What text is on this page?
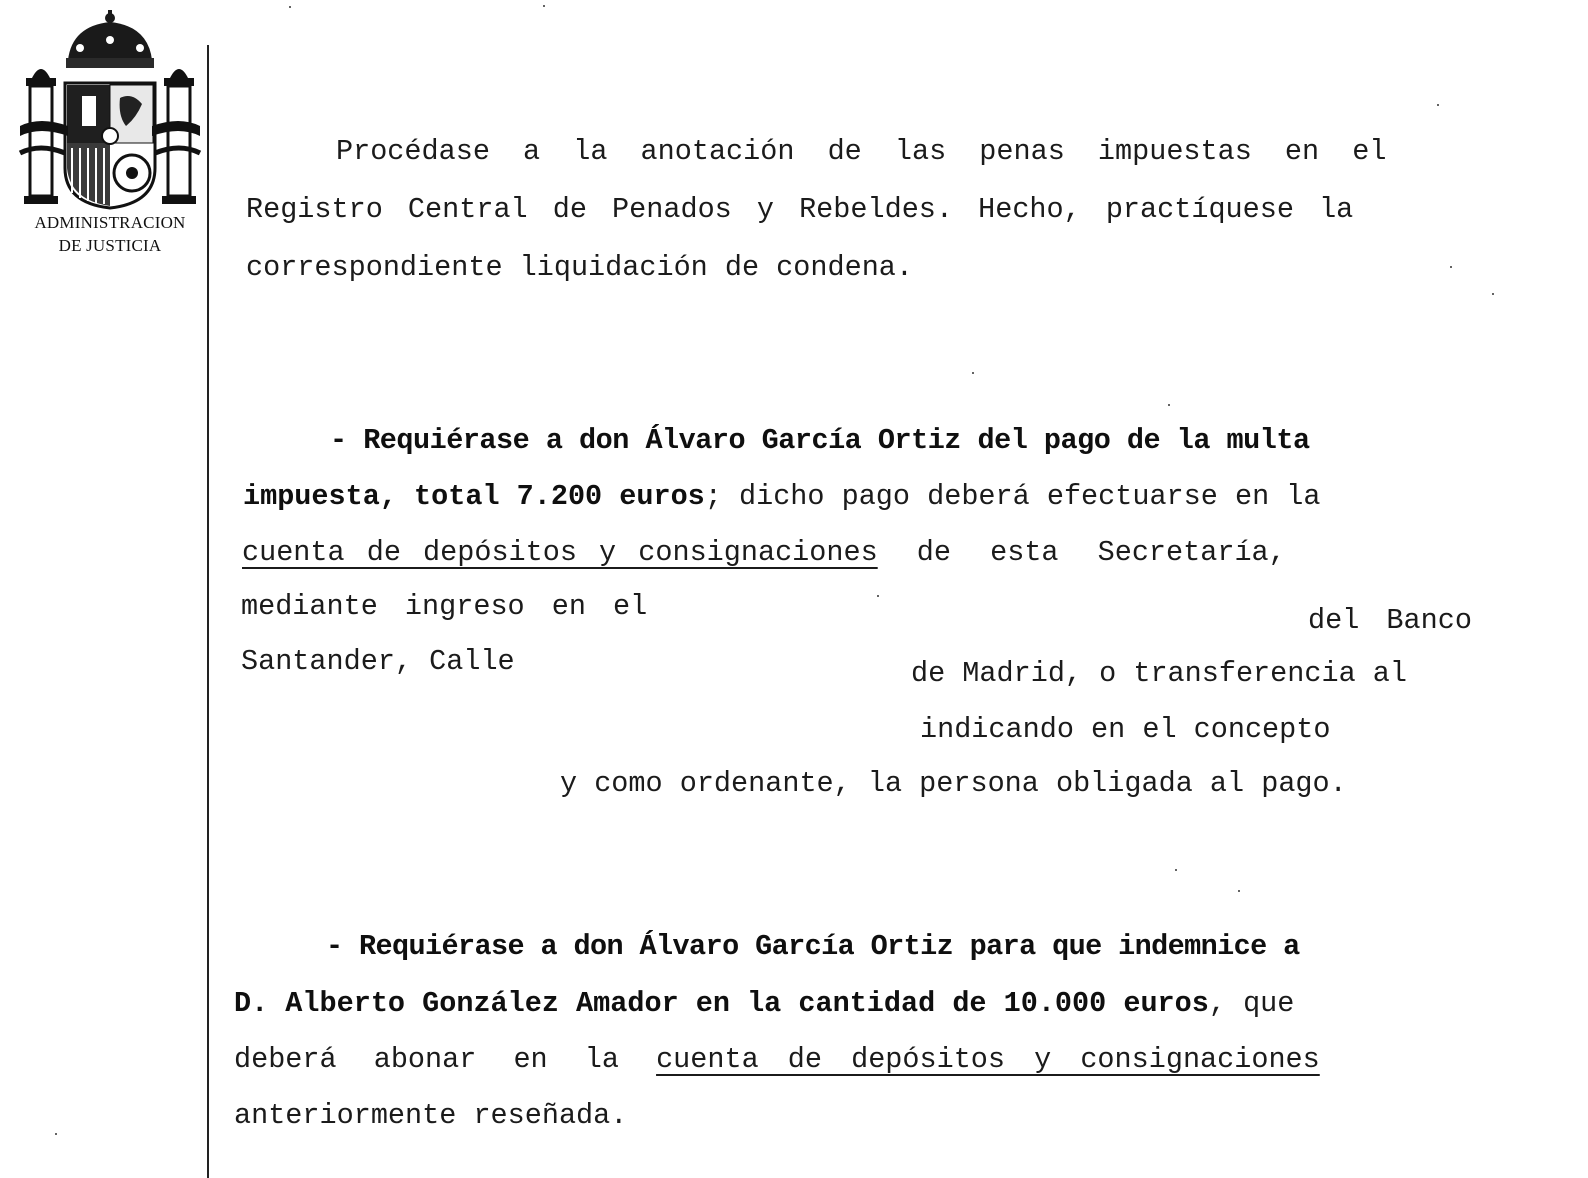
ADMINISTRACION
DE JUSTICIA
Procédase a la anotación de las penas impuestas en el
Registro Central de Penados y Rebeldes. Hecho, practíquese la
correspondiente liquidación de condena.
- Requiérase a don Álvaro García Ortiz del pago de la multa
impuesta, total 7.200 euros; dicho pago deberá efectuarse en la
cuenta de depósitos y consignaciones de esta Secretaría,
mediante ingreso en el	del Banco
Santander, Calle	de Madrid, o transferencia al
indicando en el concepto
y como ordenante, la persona obligada al pago.
- Requiérase a don Álvaro García Ortiz para que indemnice a
D. Alberto González Amador en la cantidad de 10.000 euros, que
deberá abonar en la cuenta de depósitos y consignaciones
anteriormente reseñada.
